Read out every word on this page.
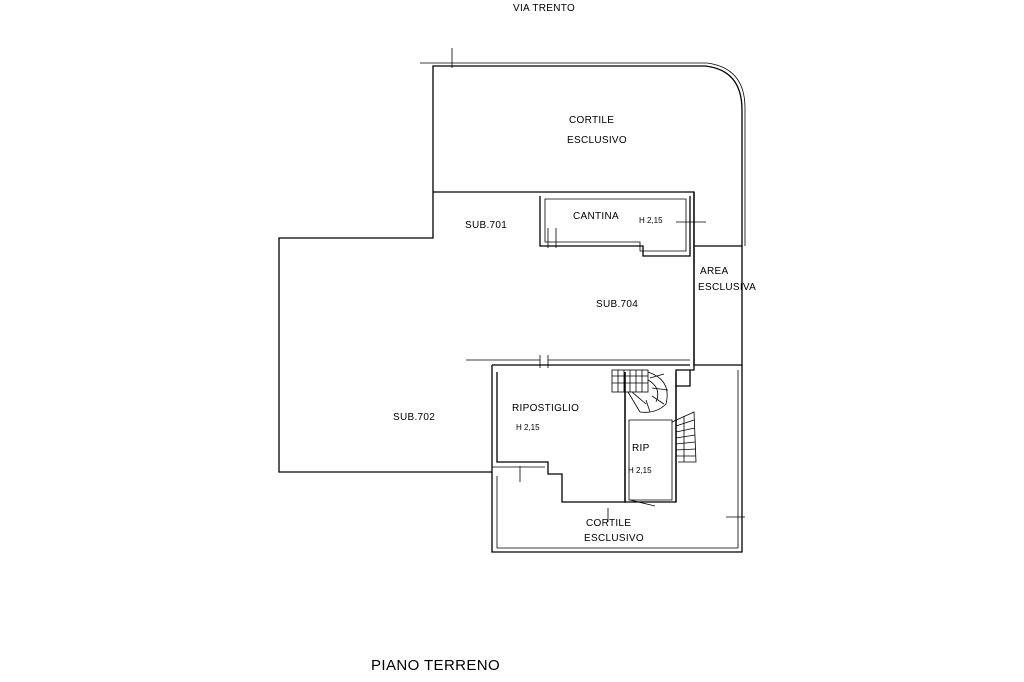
VIA TRENTO
CORTILE
ESCLUSIVO
SUB.701
CANTINA	H 2,15
AREA
ESCLUSIVA
SUB.704
SUB.702
RIPOSTIGLIO
H 2,15
RIP
H 2,15
CORTILE
ESCLUSIVO
PIANO TERRENO
